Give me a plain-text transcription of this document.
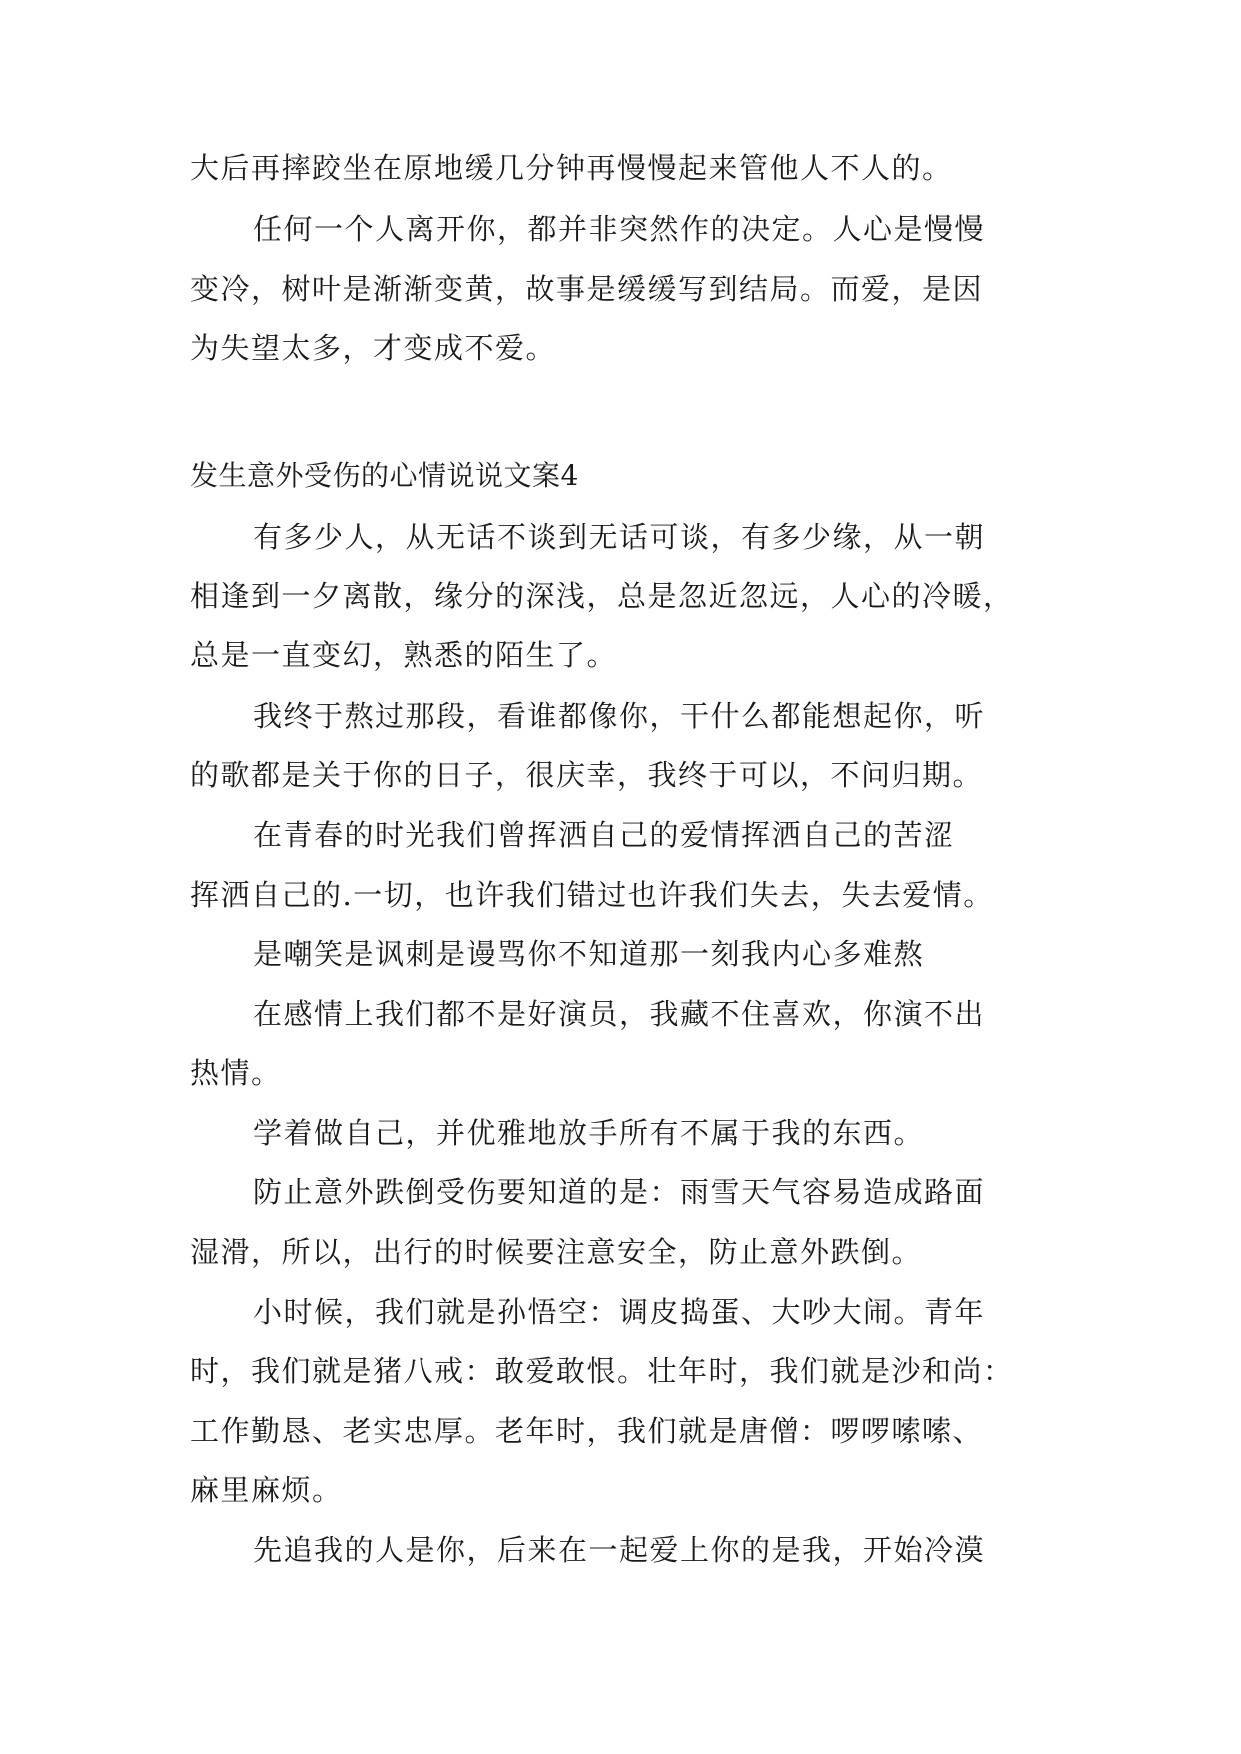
大后再摔跤坐在原地缓几分钟再慢慢起来管他人不人的。
任何一个人离开你，都并非突然作的决定。人心是慢慢
变冷，树叶是渐渐变黄，故事是缓缓写到结局。而爱，是因
为失望太多，才变成不爱。
发生意外受伤的心情说说文案4
有多少人，从无话不谈到无话可谈，有多少缘，从一朝
相逢到一夕离散，缘分的深浅，总是忽近忽远，人心的冷暖，
总是一直变幻，熟悉的陌生了。
我终于熬过那段，看谁都像你，干什么都能想起你，听
的歌都是关于你的日子，很庆幸，我终于可以，不问归期。
在青春的时光我们曾挥洒自己的爱情挥洒自己的苦涩
挥洒自己的.一切，也许我们错过也许我们失去，失去爱情。
是嘲笑是讽刺是谩骂你不知道那一刻我内心多难熬
在感情上我们都不是好演员，我藏不住喜欢，你演不出
热情。
学着做自己，并优雅地放手所有不属于我的东西。
防止意外跌倒受伤要知道的是：雨雪天气容易造成路面
湿滑，所以，出行的时候要注意安全，防止意外跌倒。
小时候，我们就是孙悟空：调皮捣蛋、大吵大闹。青年
时，我们就是猪八戒：敢爱敢恨。壮年时，我们就是沙和尚：
工作勤恳、老实忠厚。老年时，我们就是唐僧：啰啰嗦嗦、
麻里麻烦。
先追我的人是你，后来在一起爱上你的是我，开始冷漠
